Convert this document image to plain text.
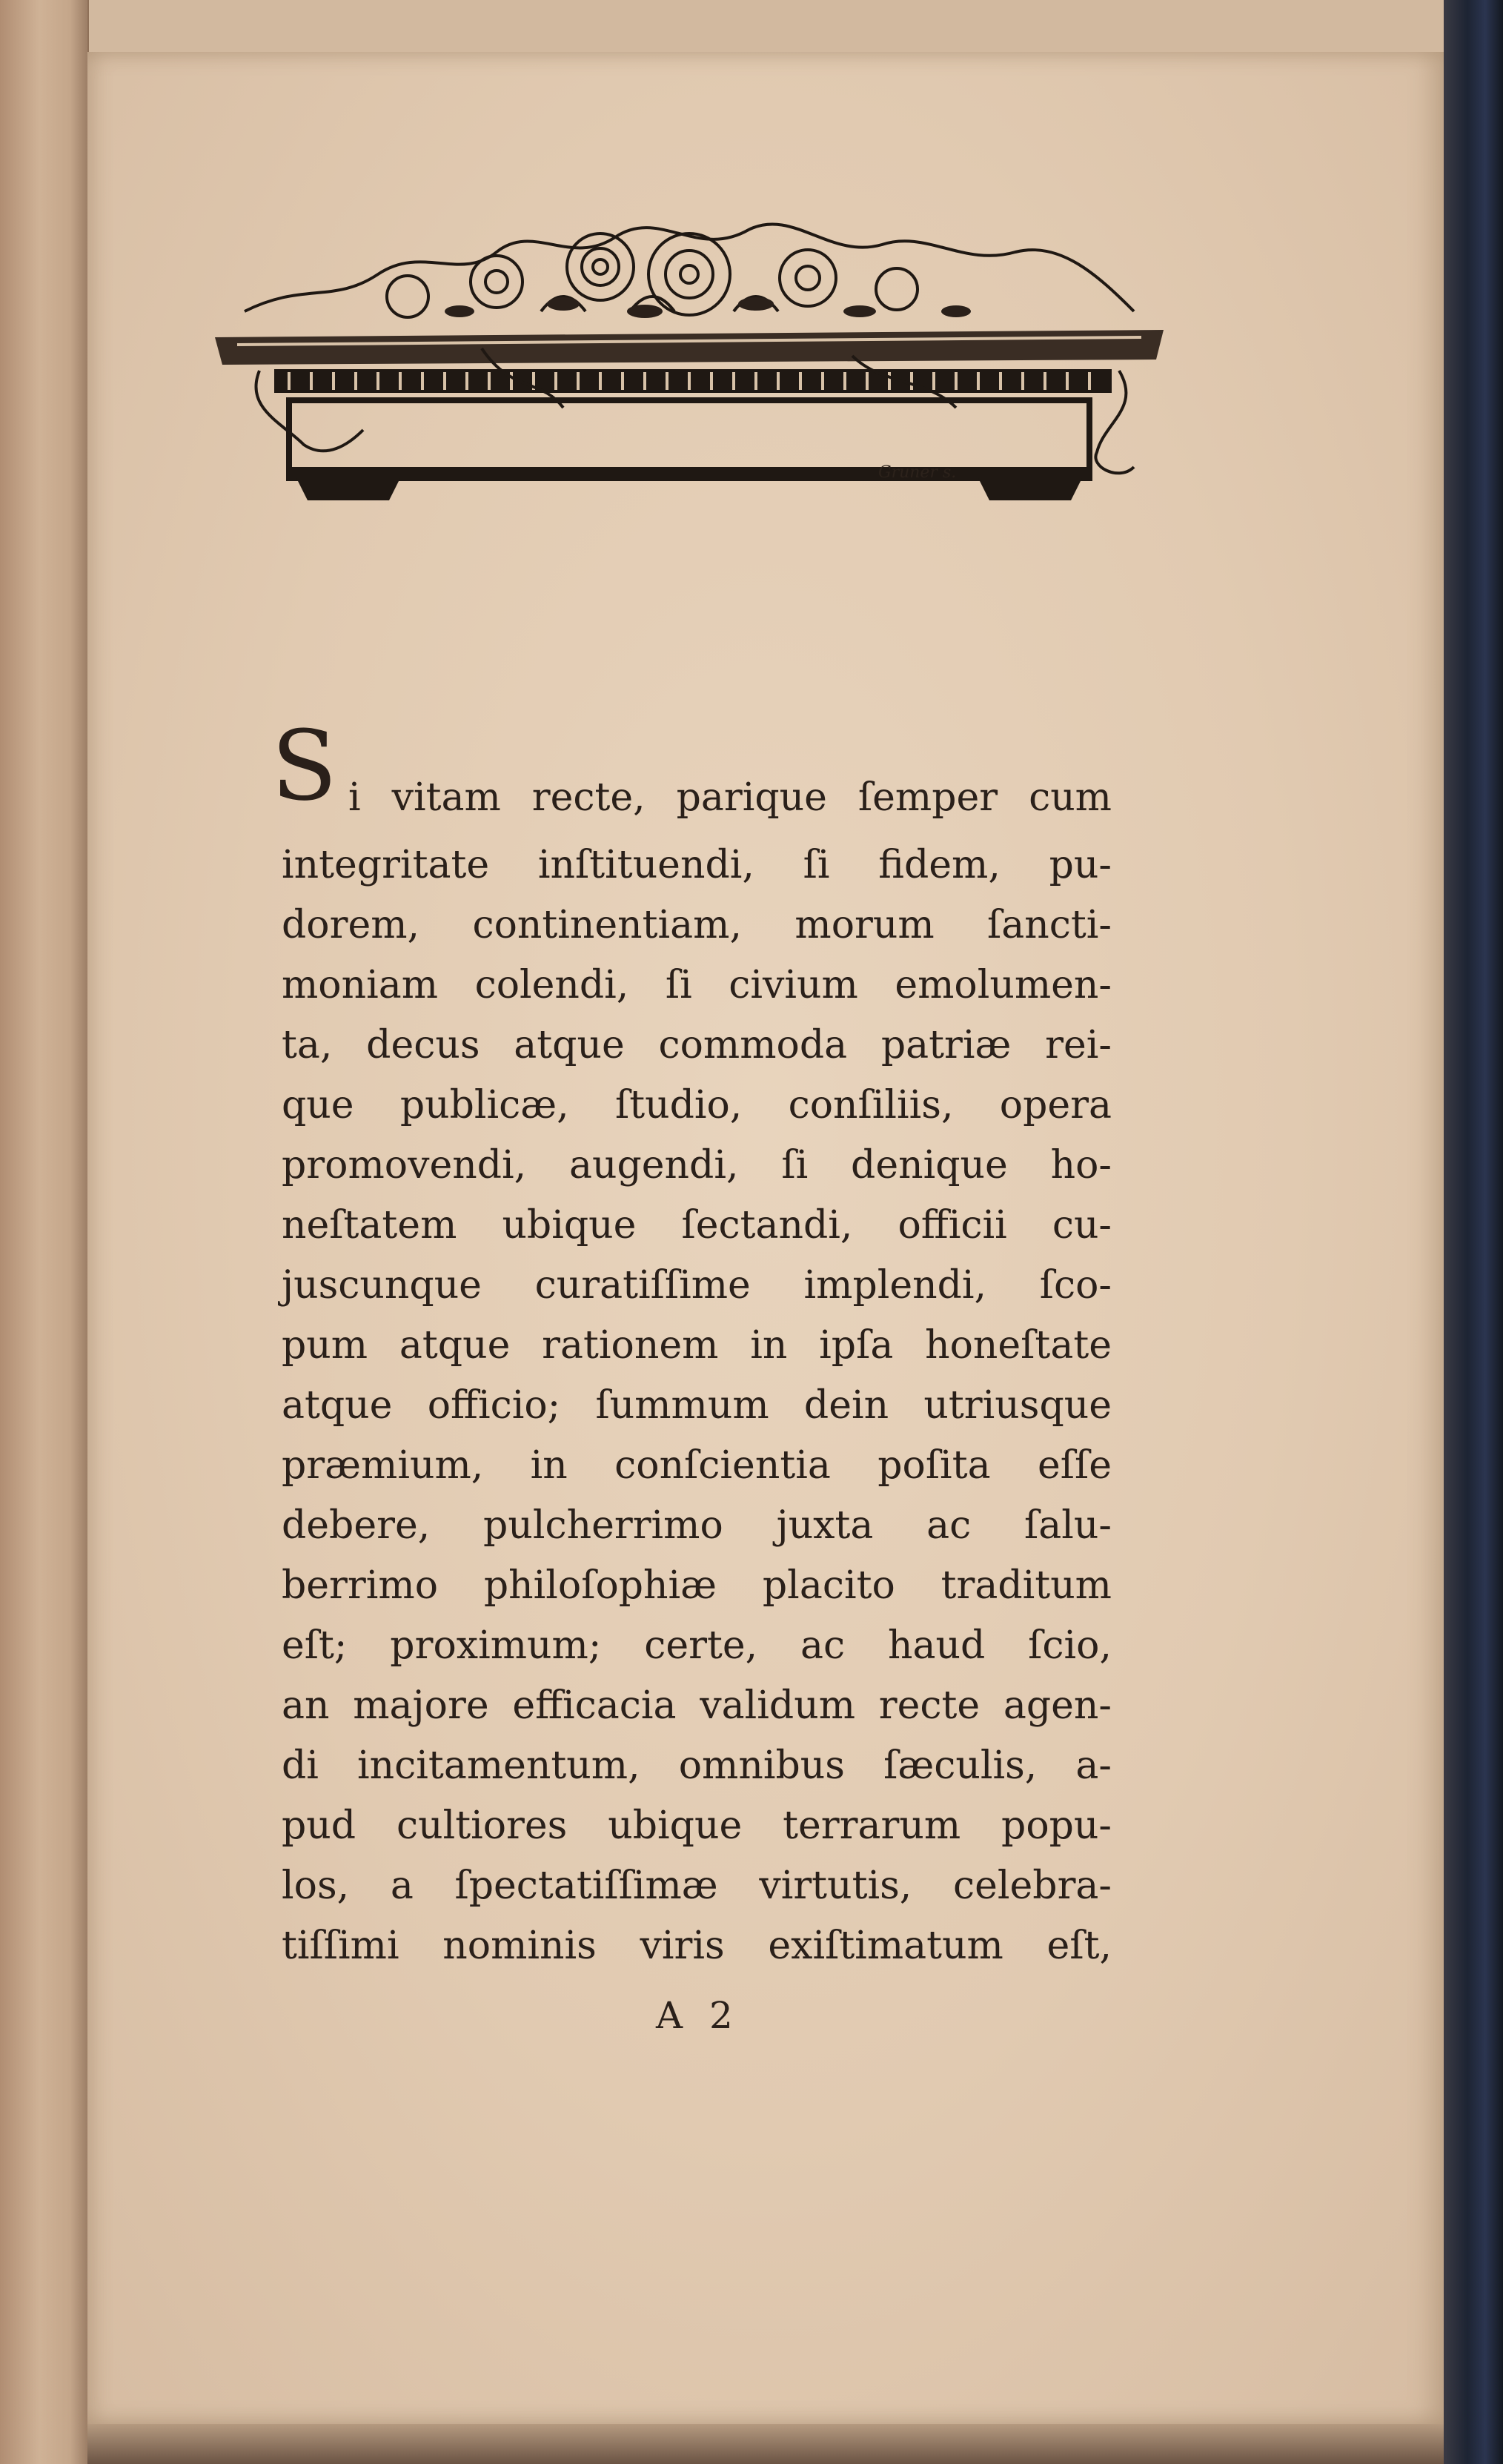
Gruner s.
S i vitam recte, parique ſemper cum
integritate inſtituendi, ſi fidem, pu-
dorem, continentiam, morum ſancti-
moniam colendi, ſi civium emolumen-
ta, decus atque commoda patriæ rei-
que publicæ, ſtudio, conſiliis, opera
promovendi, augendi, ſi denique ho-
neſtatem ubique ſectandi, officii cu-
juscunque curatiſſime implendi, ſco-
pum atque rationem in ipſa honeſtate
atque officio; ſummum dein utriusque
præmium, in conſcientia poſita eſſe
debere, pulcherrimo juxta ac ſalu-
berrimo philoſophiæ placito traditum
eſt; proximum; certe, ac haud ſcio,
an majore efficacia validum recte agen-
di incitamentum, omnibus ſæculis, a-
pud cultiores ubique terrarum popu-
los, a ſpectatiſſimæ virtutis, celebra-
tiſſimi nominis viris exiſtimatum eſt,
A 2
